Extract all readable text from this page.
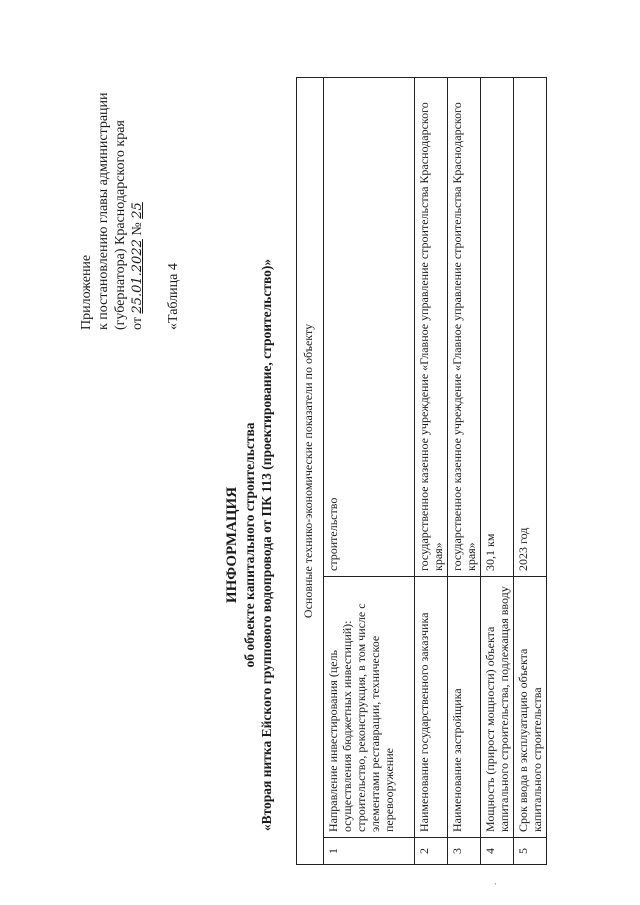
Приложение к постановлению главы администрации (губернатора) Краснодарского края от 25.01.2022 № 25
«Таблица 4
ИНФОРМАЦИЯ об объекте капитального строительства «Вторая нитка Ейского группового водопровода от ПК 113 (проектирование, строительство)» Основные технико-экономические показатели по объекту		
1	Направление инвестирования (цель осуществления бюджетных инвестиций): строительство, реконструкция, в том числе с элементами реставрации, техническое перевооружение	строительство
2	Наименование государственного заказчика	государственное казенное учреждение «Главное управление строительства Краснодарского края»
3	Наименование застройщика	государственное казенное учреждение «Главное управление строительства Краснодарского края»
4	Мощность (прирост мощности) объекта капитального строительства, подлежащая вводу	30,1 км
5	Срок ввода в эксплуатацию объекта капитального строительства	2023 год
.
